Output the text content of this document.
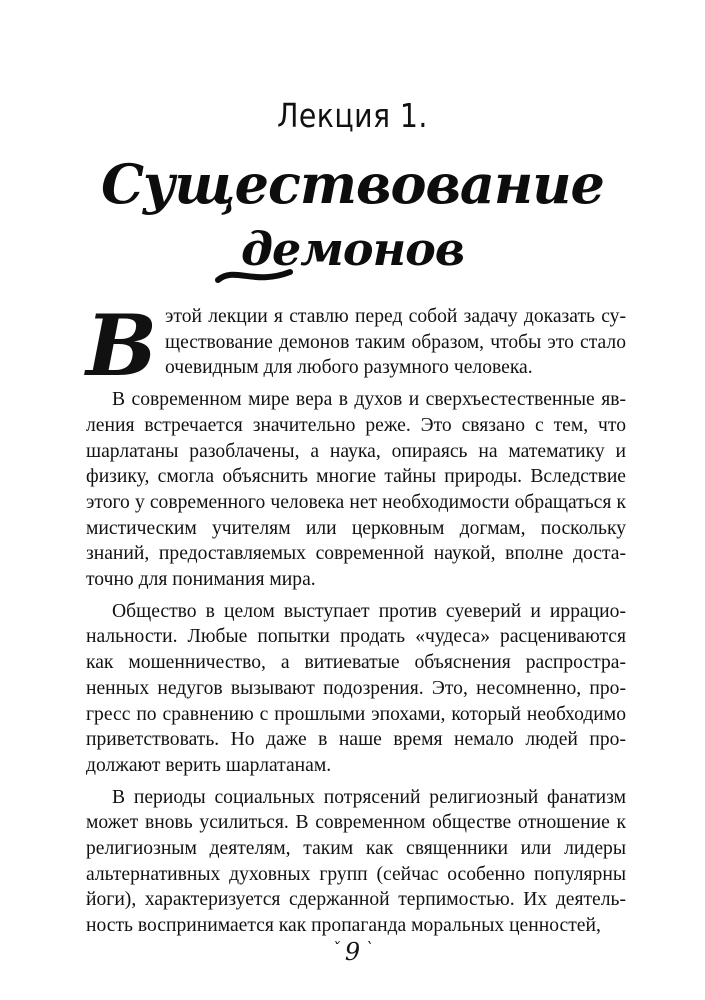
Лекция 1.
Существование
демонов

Вэтой лекции я ставлю перед собой задачу доказать существование демонов таким образом, чтобы это стало очевидным для любого разумного человека.

В современном мире вера в духов и сверхъестественные явления встречается значительно реже. Это связано с тем, что шарлатаны разоблачены, а наука, опираясь на математику и физику, смогла объяснить многие тайны природы. Вследствие этого у современного человека нет необходимости обращаться к мистическим учителям или церковным догмам, поскольку знаний, предоставляемых современной наукой, вполне достаточно для понимания мира.

Общество в целом выступает против суеверий и иррациональности. Любые попытки продать «чудеса» расцениваются как мошенничество, а витиеватые объяснения распространенных недугов вызывают подозрения. Это, несомненно, прогресс по сравнению с прошлыми эпохами, который необходимо приветствовать. Но даже в наше время немало людей продолжают верить шарлатанам.

В периоды социальных потрясений религиозный фанатизм может вновь усилиться. В современном обществе отношение к религиозным деятелям, таким как священники или лидеры альтернативных духовных групп (сейчас особенно популярны йоги), характеризуется сдержанной терпимостью. Их деятельность воспринимается как пропаганда моральных ценностей,

$^ˇ$ 9 $^ˋ$
